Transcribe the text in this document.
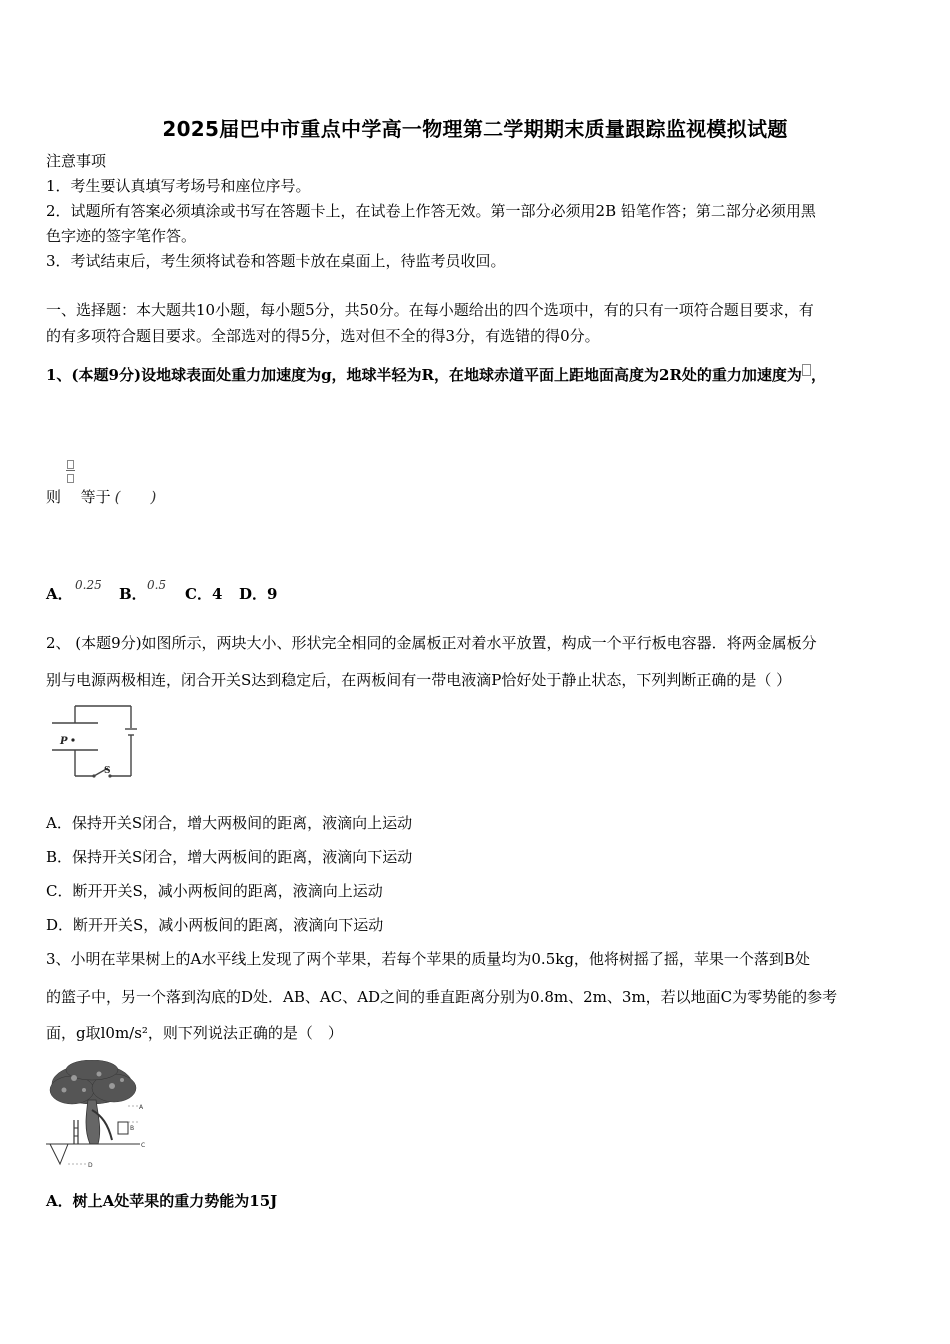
2025届巴中市重点中学高一物理第二学期期末质量跟踪监视模拟试题
注意事项
1．考生要认真填写考场号和座位序号。
2．试题所有答案必须填涂或书写在答题卡上，在试卷上作答无效。第一部分必须用2B 铅笔作答；第二部分必须用黑
色字迹的签字笔作答。
3．考试结束后，考生须将试卷和答题卡放在桌面上，待监考员收回。
一、选择题：本大题共10小题，每小题5分，共50分。在每小题给出的四个选项中，有的只有一项符合题目要求，有
的有多项符合题目要求。全部选对的得5分，选对但不全的得3分，有选错的得0分。
1、(本题9分)设地球表面处重力加速度为g，地球半轻为R，在地球赤道平面上距地面高度为2R处的重力加速度为 ，
则 等于 (　　)
A． 0.25 B． 0.5 C．4 D．9
2、 (本题9分)如图所示，两块大小、形状完全相同的金属板正对着水平放置，构成一个平行板电容器．将两金属板分
别与电源两极相连，闭合开关S达到稳定后，在两板间有一带电液滴P恰好处于静止状态，下列判断正确的是（ ）
P
S
A．保持开关S闭合，增大两极间的距离，液滴向上运动
B．保持开关S闭合，增大两板间的距离，液滴向下运动
C．断开开关S，减小两板间的距离，液滴向上运动
D．断开开关S，减小两板间的距离，液滴向下运动
3、小明在苹果树上的A水平线上发现了两个苹果，若每个苹果的质量均为0.5kg，他将树摇了摇，苹果一个落到B处
的篮子中，另一个落到沟底的D处．AB、AC、AD之间的垂直距离分别为0.8m、2m、3m，若以地面C为零势能的参考
面，g取l0m/s²，则下列说法正确的是（　）
A
B
C
D
A．树上A处苹果的重力势能为15J
